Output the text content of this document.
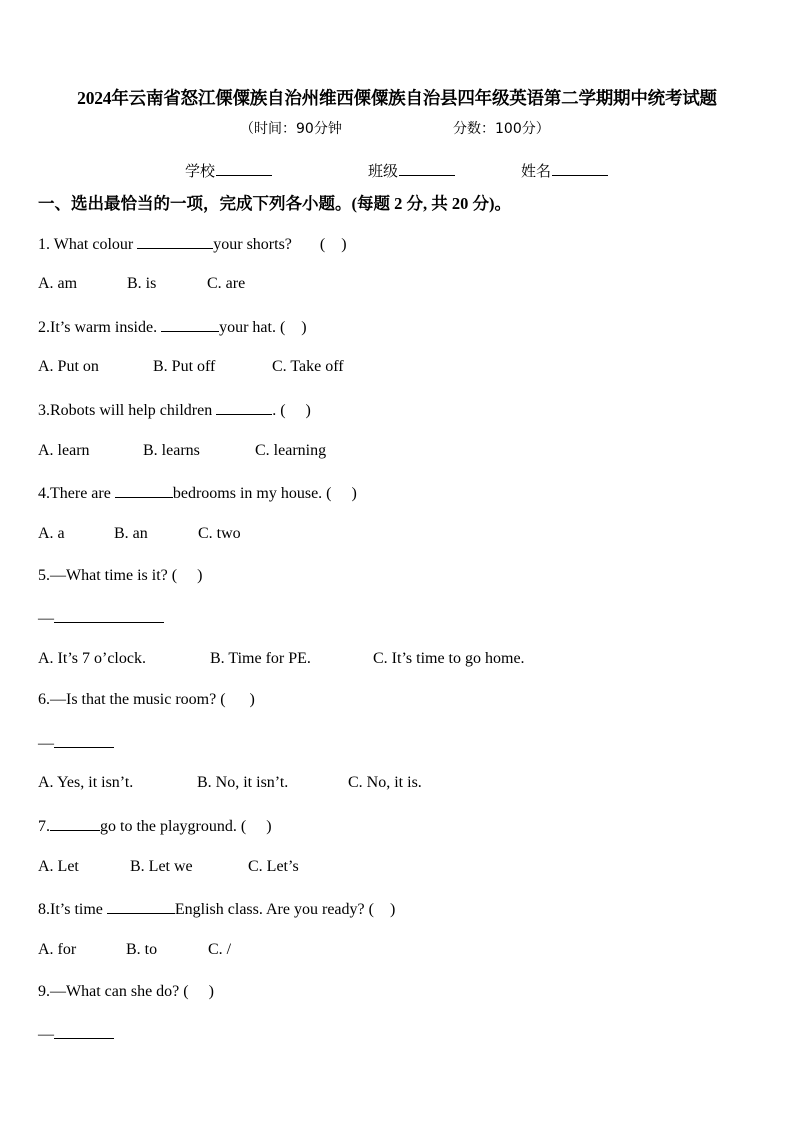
2024年云南省怒江傈僳族自治州维西傈僳族自治县四年级英语第二学期期中统考试题
（时间：90分钟	分数：100分）
学校	班级	姓名
一、选出最恰当的一项，完成下列各小题。(每题 2 分, 共 20 分)。
1. What colour	your shorts? (    )
A. am	B. is	C. are
2.It’s warm inside.	your hat. (    )
A. Put on	B. Put off	C. Take off
3.Robots will help children	. (     )
A. learn	B. learns	C. learning
4.There are	bedrooms in my house. (     )
A. a	B. an	C. two
5.—What time is it? (     )
—
A. It’s 7 o’clock.	B. Time for PE.	C. It’s time to go home.
6.—Is that the music room? (      )
—
A. Yes, it isn’t.	B. No, it isn’t.	C. No, it is.
7.	go to the playground. (     )
A. Let	B. Let we	C. Let’s
8.It’s time	English class. Are you ready? (    )
A. for	B. to	C. /
9.—What can she do? (     )
—
